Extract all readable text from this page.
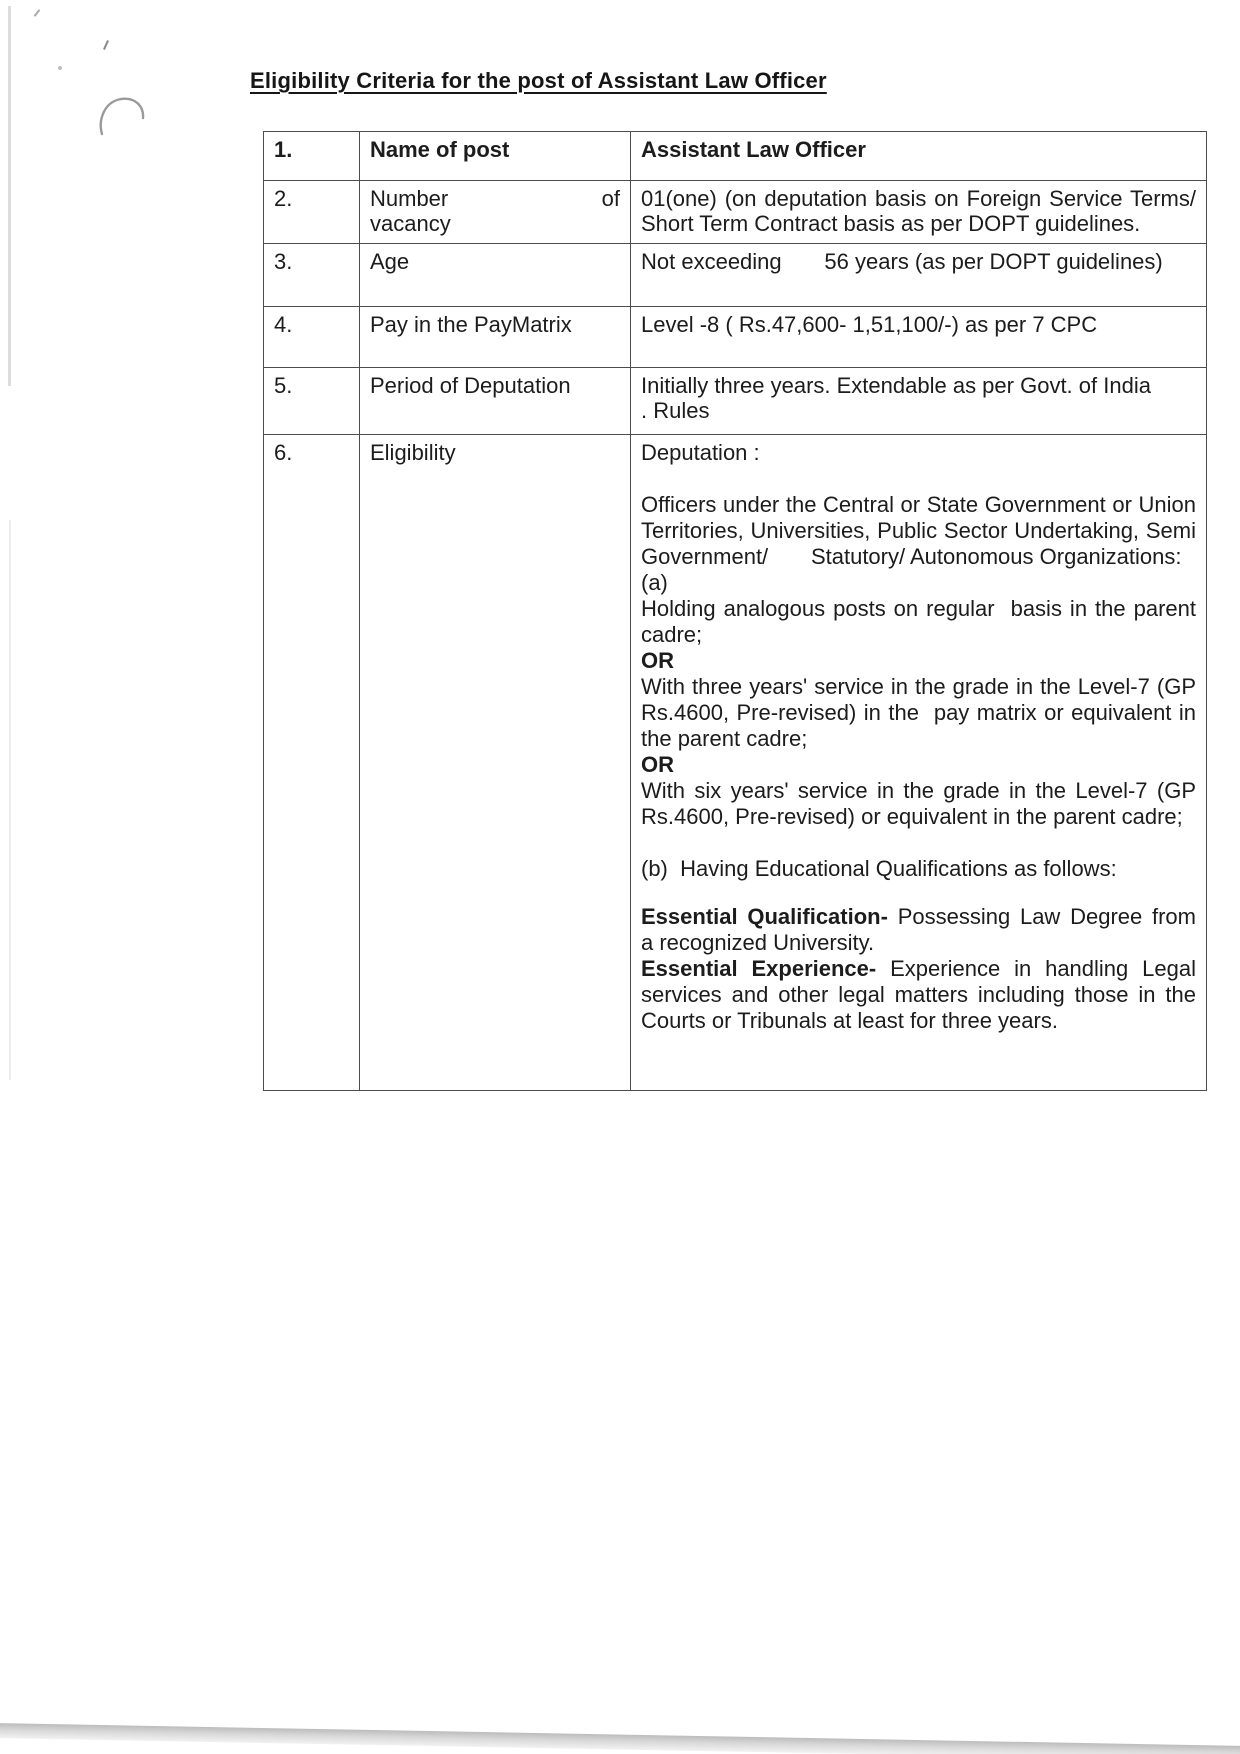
Eligibility Criteria for the post of Assistant Law Officer
1.	Name of post	Assistant Law Officer
2.	Number of vacancy	01(one) (on deputation basis on Foreign Service Terms/ Short Term Contract basis as per DOPT guidelines.
3.	Age	Not exceeding       56 years (as per DOPT guidelines)
4.	Pay in the PayMatrix	Level -8 ( Rs.47,600- 1,51,100/-) as per 7 CPC
5.	Period of Deputation	Initially three years. Extendable as per Govt. of India
. Rules

6.	Eligibility	Deputation :

Officers under the Central or State Government or Union Territories, Universities, Public Sector Undertaking, Semi Government/       Statutory/ Autonomous Organizations:

(a)

Holding analogous posts on regular  basis in the parent cadre;

OR

With three years' service in the grade in the Level-7 (GP Rs.4600, Pre-revised) in the  pay matrix or equivalent in the parent cadre;

OR

With six years' service in the grade in the Level-7 (GP Rs.4600, Pre-revised) or equivalent in the parent cadre;

(b)  Having Educational Qualifications as follows:

Essential Qualification- Possessing Law Degree from a recognized University.

Essential Experience- Experience in handling Legal services and other legal matters including those in the Courts or Tribunals at least for three years.
